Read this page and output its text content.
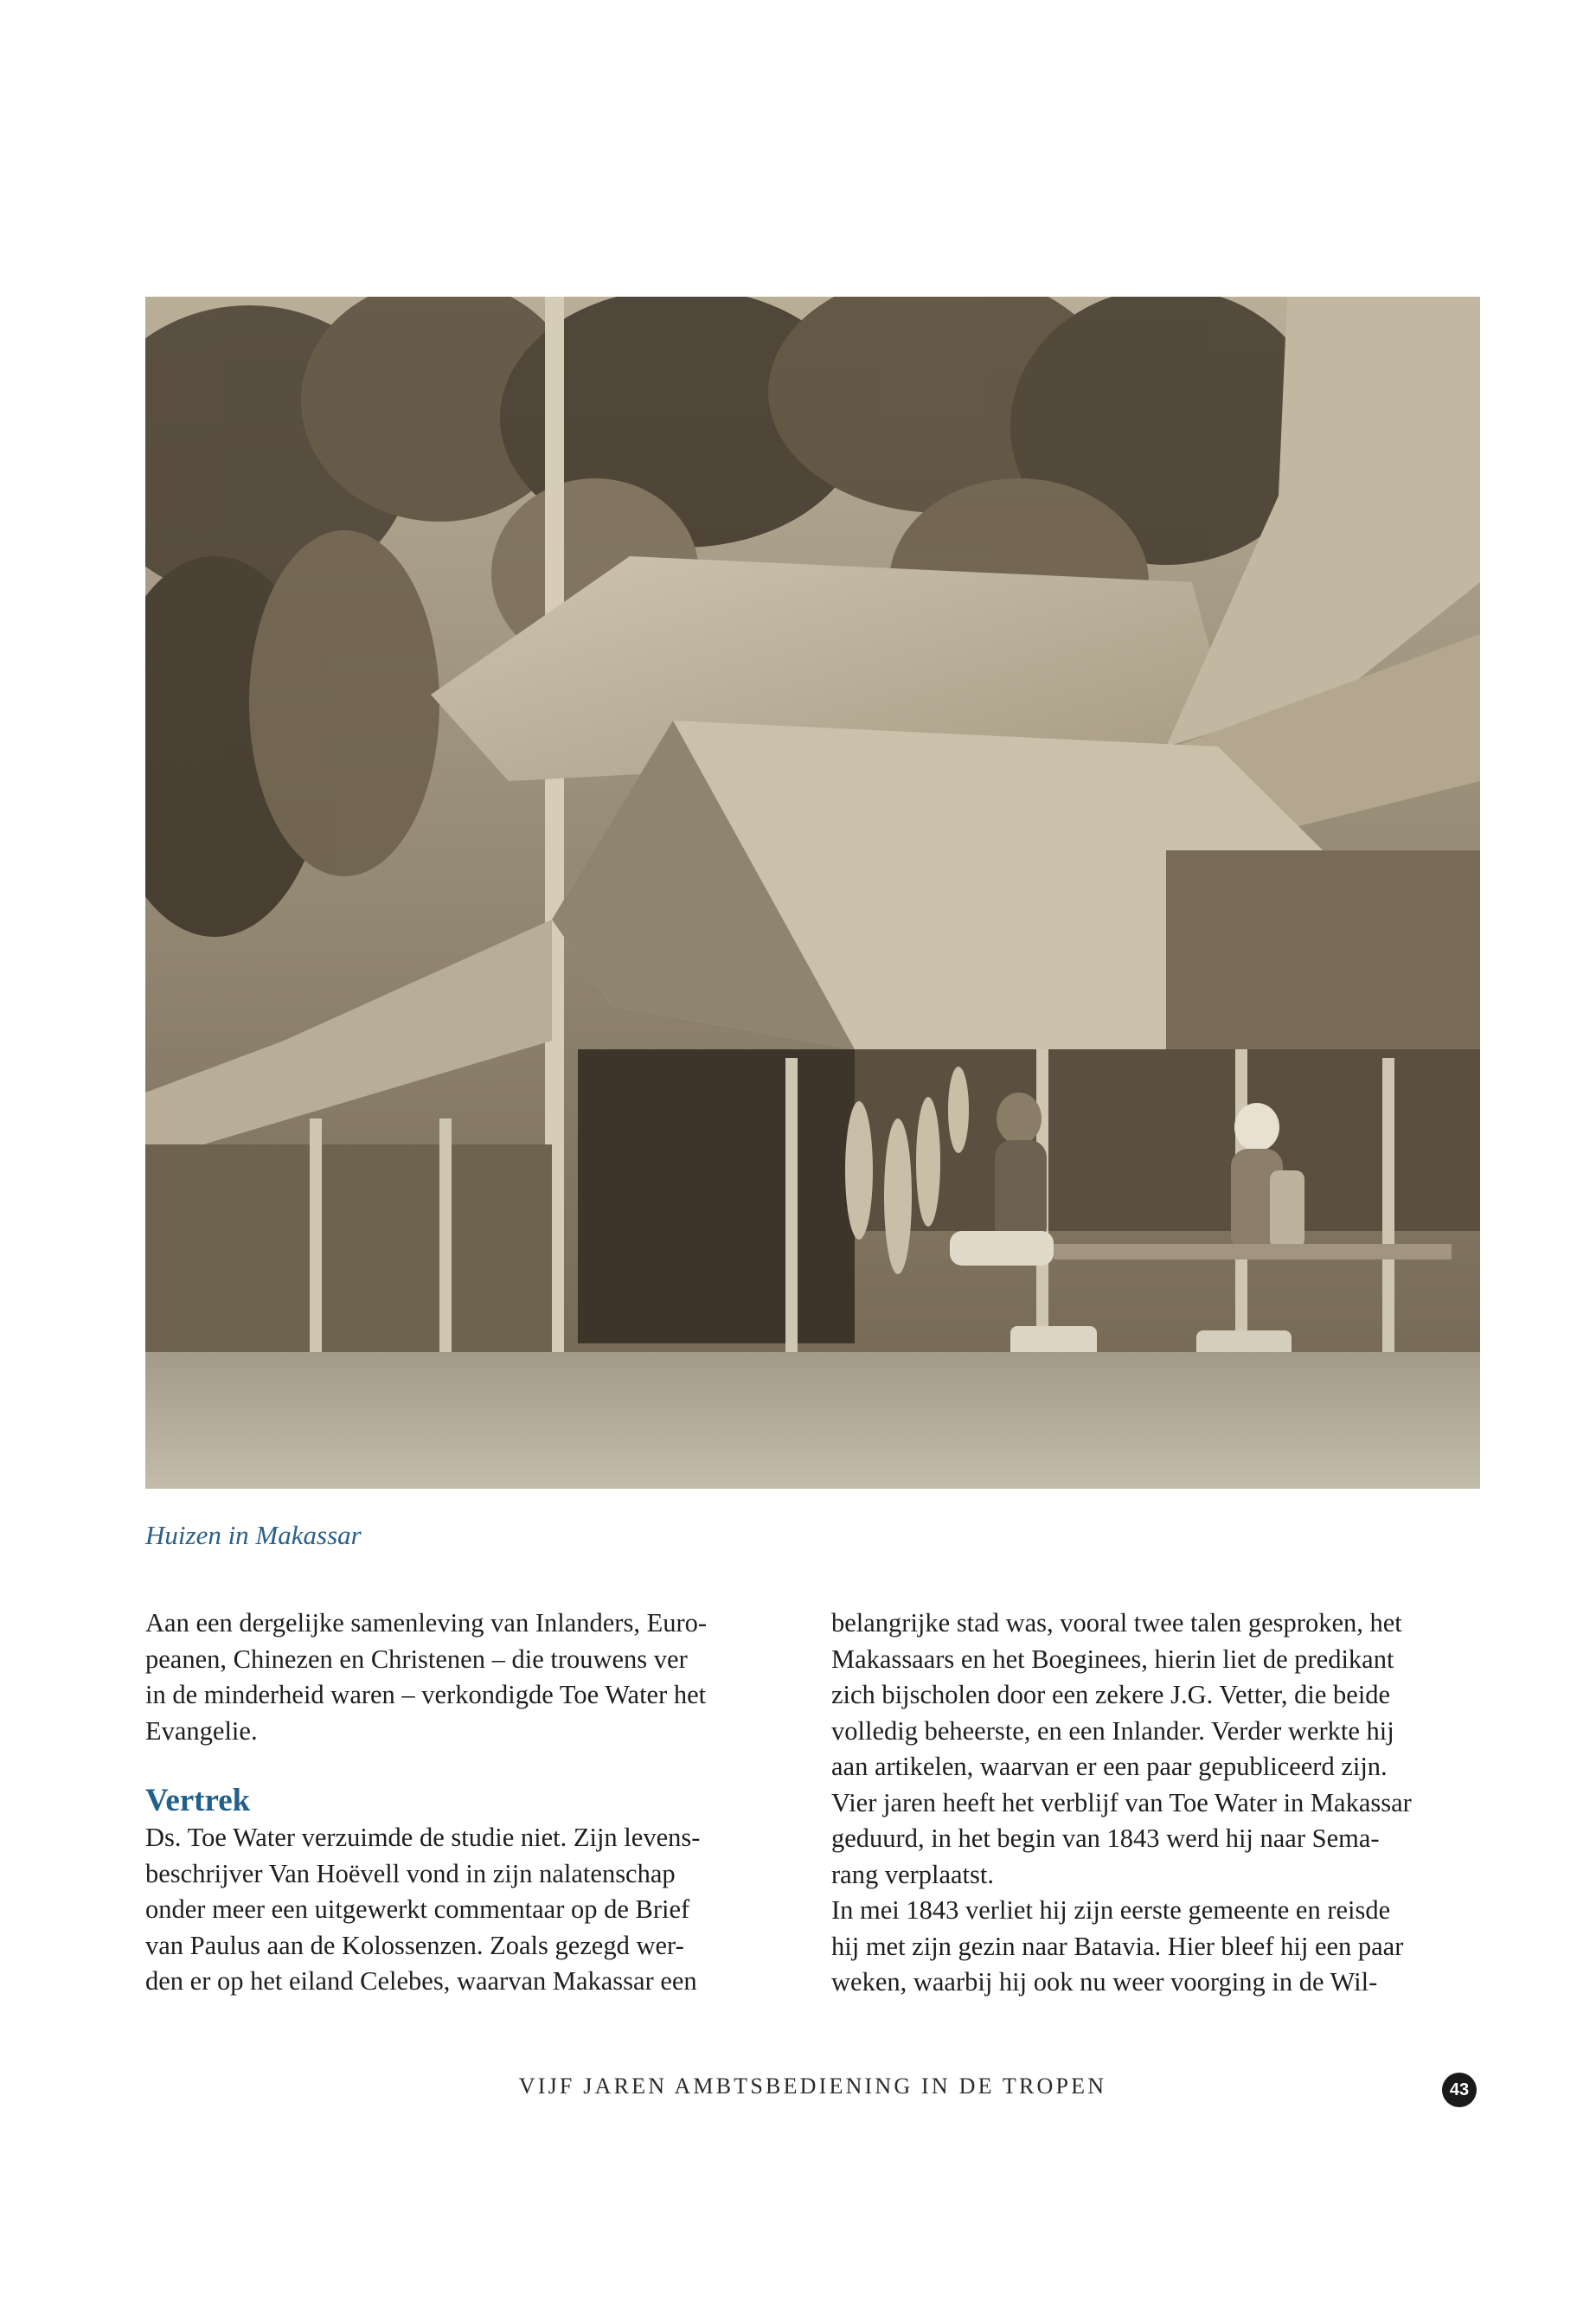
Huizen in Makassar

Aan een dergelijke samenleving van Inlanders, Euro-
peanen, Chinezen en Christenen – die trouwens ver
in de minderheid waren – verkondigde Toe Water het
Evangelie.

Vertrek

Ds. Toe Water verzuimde de studie niet. Zijn levens-
beschrijver Van Hoëvell vond in zijn nalatenschap
onder meer een uitgewerkt commentaar op de Brief
van Paulus aan de Kolossenzen. Zoals gezegd wer-
den er op het eiland Celebes, waarvan Makassar een

belangrijke stad was, vooral twee talen gesproken, het
Makassaars en het Boeginees, hierin liet de predikant
zich bijscholen door een zekere J.G. Vetter, die beide
volledig beheerste, en een Inlander. Verder werkte hij
aan artikelen, waarvan er een paar gepubliceerd zijn.
Vier jaren heeft het verblijf van Toe Water in Makassar
geduurd, in het begin van 1843 werd hij naar Sema-
rang verplaatst.

In mei 1843 verliet hij zijn eerste gemeente en reisde
hij met zijn gezin naar Batavia. Hier bleef hij een paar
weken, waarbij hij ook nu weer voorging in de Wil-

VIJF JAREN AMBTSBEDIENING IN DE TROPEN	43
